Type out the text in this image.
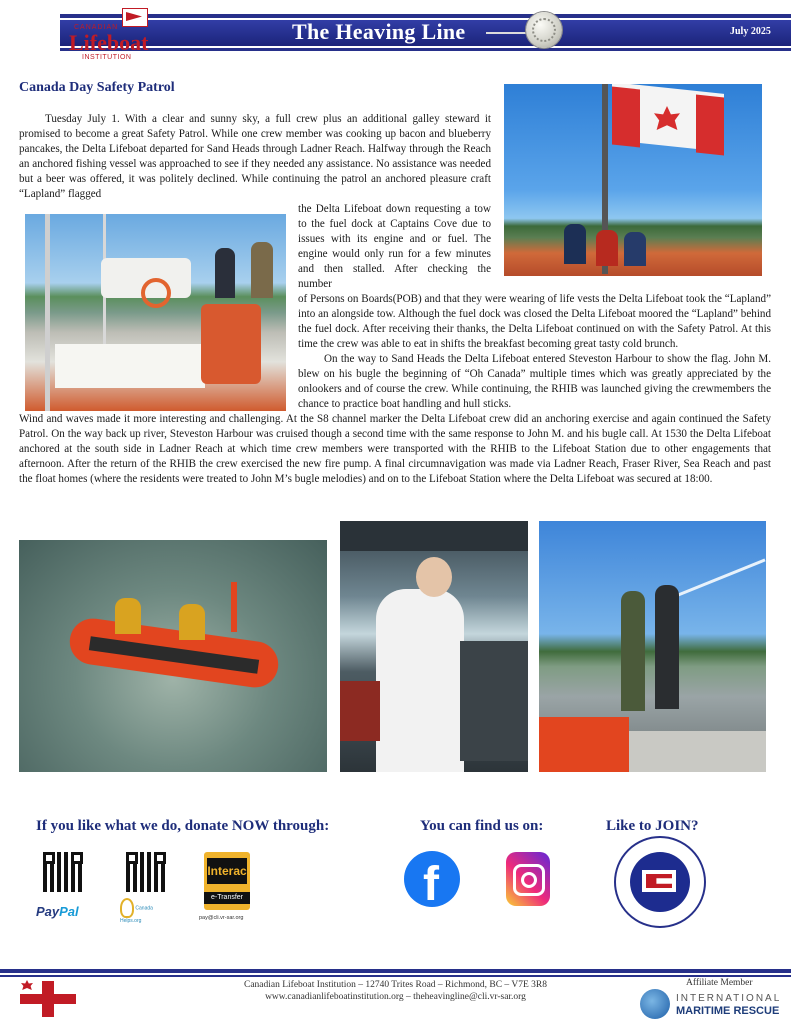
CANADIAN
Lifeboat
INSTITUTION
The Heaving Line	July 2025
Canada Day Safety Patrol

Tuesday July 1. With a clear and sunny sky, a full crew plus an additional galley steward it promised to become a great Safety Patrol. While one crew member was cooking up bacon and blueberry pancakes, the Delta Lifeboat departed for Sand Heads through Ladner Reach. Halfway through the Reach an anchored fishing vessel was approached to see if they needed any assistance. No assistance was needed but a beer was offered, it was politely declined. While continuing the patrol an anchored pleasure craft “Lapland” flagged

the Delta Lifeboat down requesting a tow to the fuel dock at Captains Cove due to issues with its engine and or fuel. The engine would only run for a few minutes and then stalled. After checking the number

of Persons on Boards(POB) and that they were wearing of life vests the Delta Lifeboat took the “Lapland” into an alongside tow. Although the fuel dock was closed the Delta Lifeboat moored the “Lapland” behind the fuel dock. After receiving their thanks, the Delta Lifeboat continued on with the Safety Patrol. At this time the crew was able to eat in shifts the breakfast becoming great tasty cold brunch.

On the way to Sand Heads the Delta Lifeboat entered Steveston Harbour to show the flag. John M. blew on his bugle the beginning of “Oh Canada” multiple times which was greatly appreciated by the onlookers and of course the crew. While continuing, the RHIB was launched giving the crewmembers the chance to practice boat handling and hull sticks.

Wind and waves made it more interesting and challenging. At the S8 channel marker the Delta Lifeboat crew did an anchoring exercise and again continued the Safety Patrol. On the way back up river, Steveston Harbour was cruised though a second time with the same response to John M. and his bugle call. At 1530 the Delta Lifeboat anchored at the south side in Ladner Reach at which time crew members were transported with the RHIB to the Lifeboat Station due to other engagements that afternoon. After the return of the RHIB the crew exercised the new fire pump. A final circumnavigation was made via Ladner Reach, Fraser River, Sea Reach and past the float homes (where the residents were treated to John M’s bugle melodies) and on to the Lifeboat Station where the Delta Lifeboat was secured at 18:00.

If you like what we do, donate NOW through:	You can find us on:	Like to JOIN?
PayPal	Canada Helps.org
Interac
e-Transfer
pay@cli.vr-sar.org
f
Canadian Lifeboat Institution – 12740 Trites Road – Richmond, BC – V7E 3R8
www.canadianlifeboatinstitution.org – theheavingline@cli.vr-sar.org
Affiliate Member
INTERNATIONAL
MARITIME RESCUE
